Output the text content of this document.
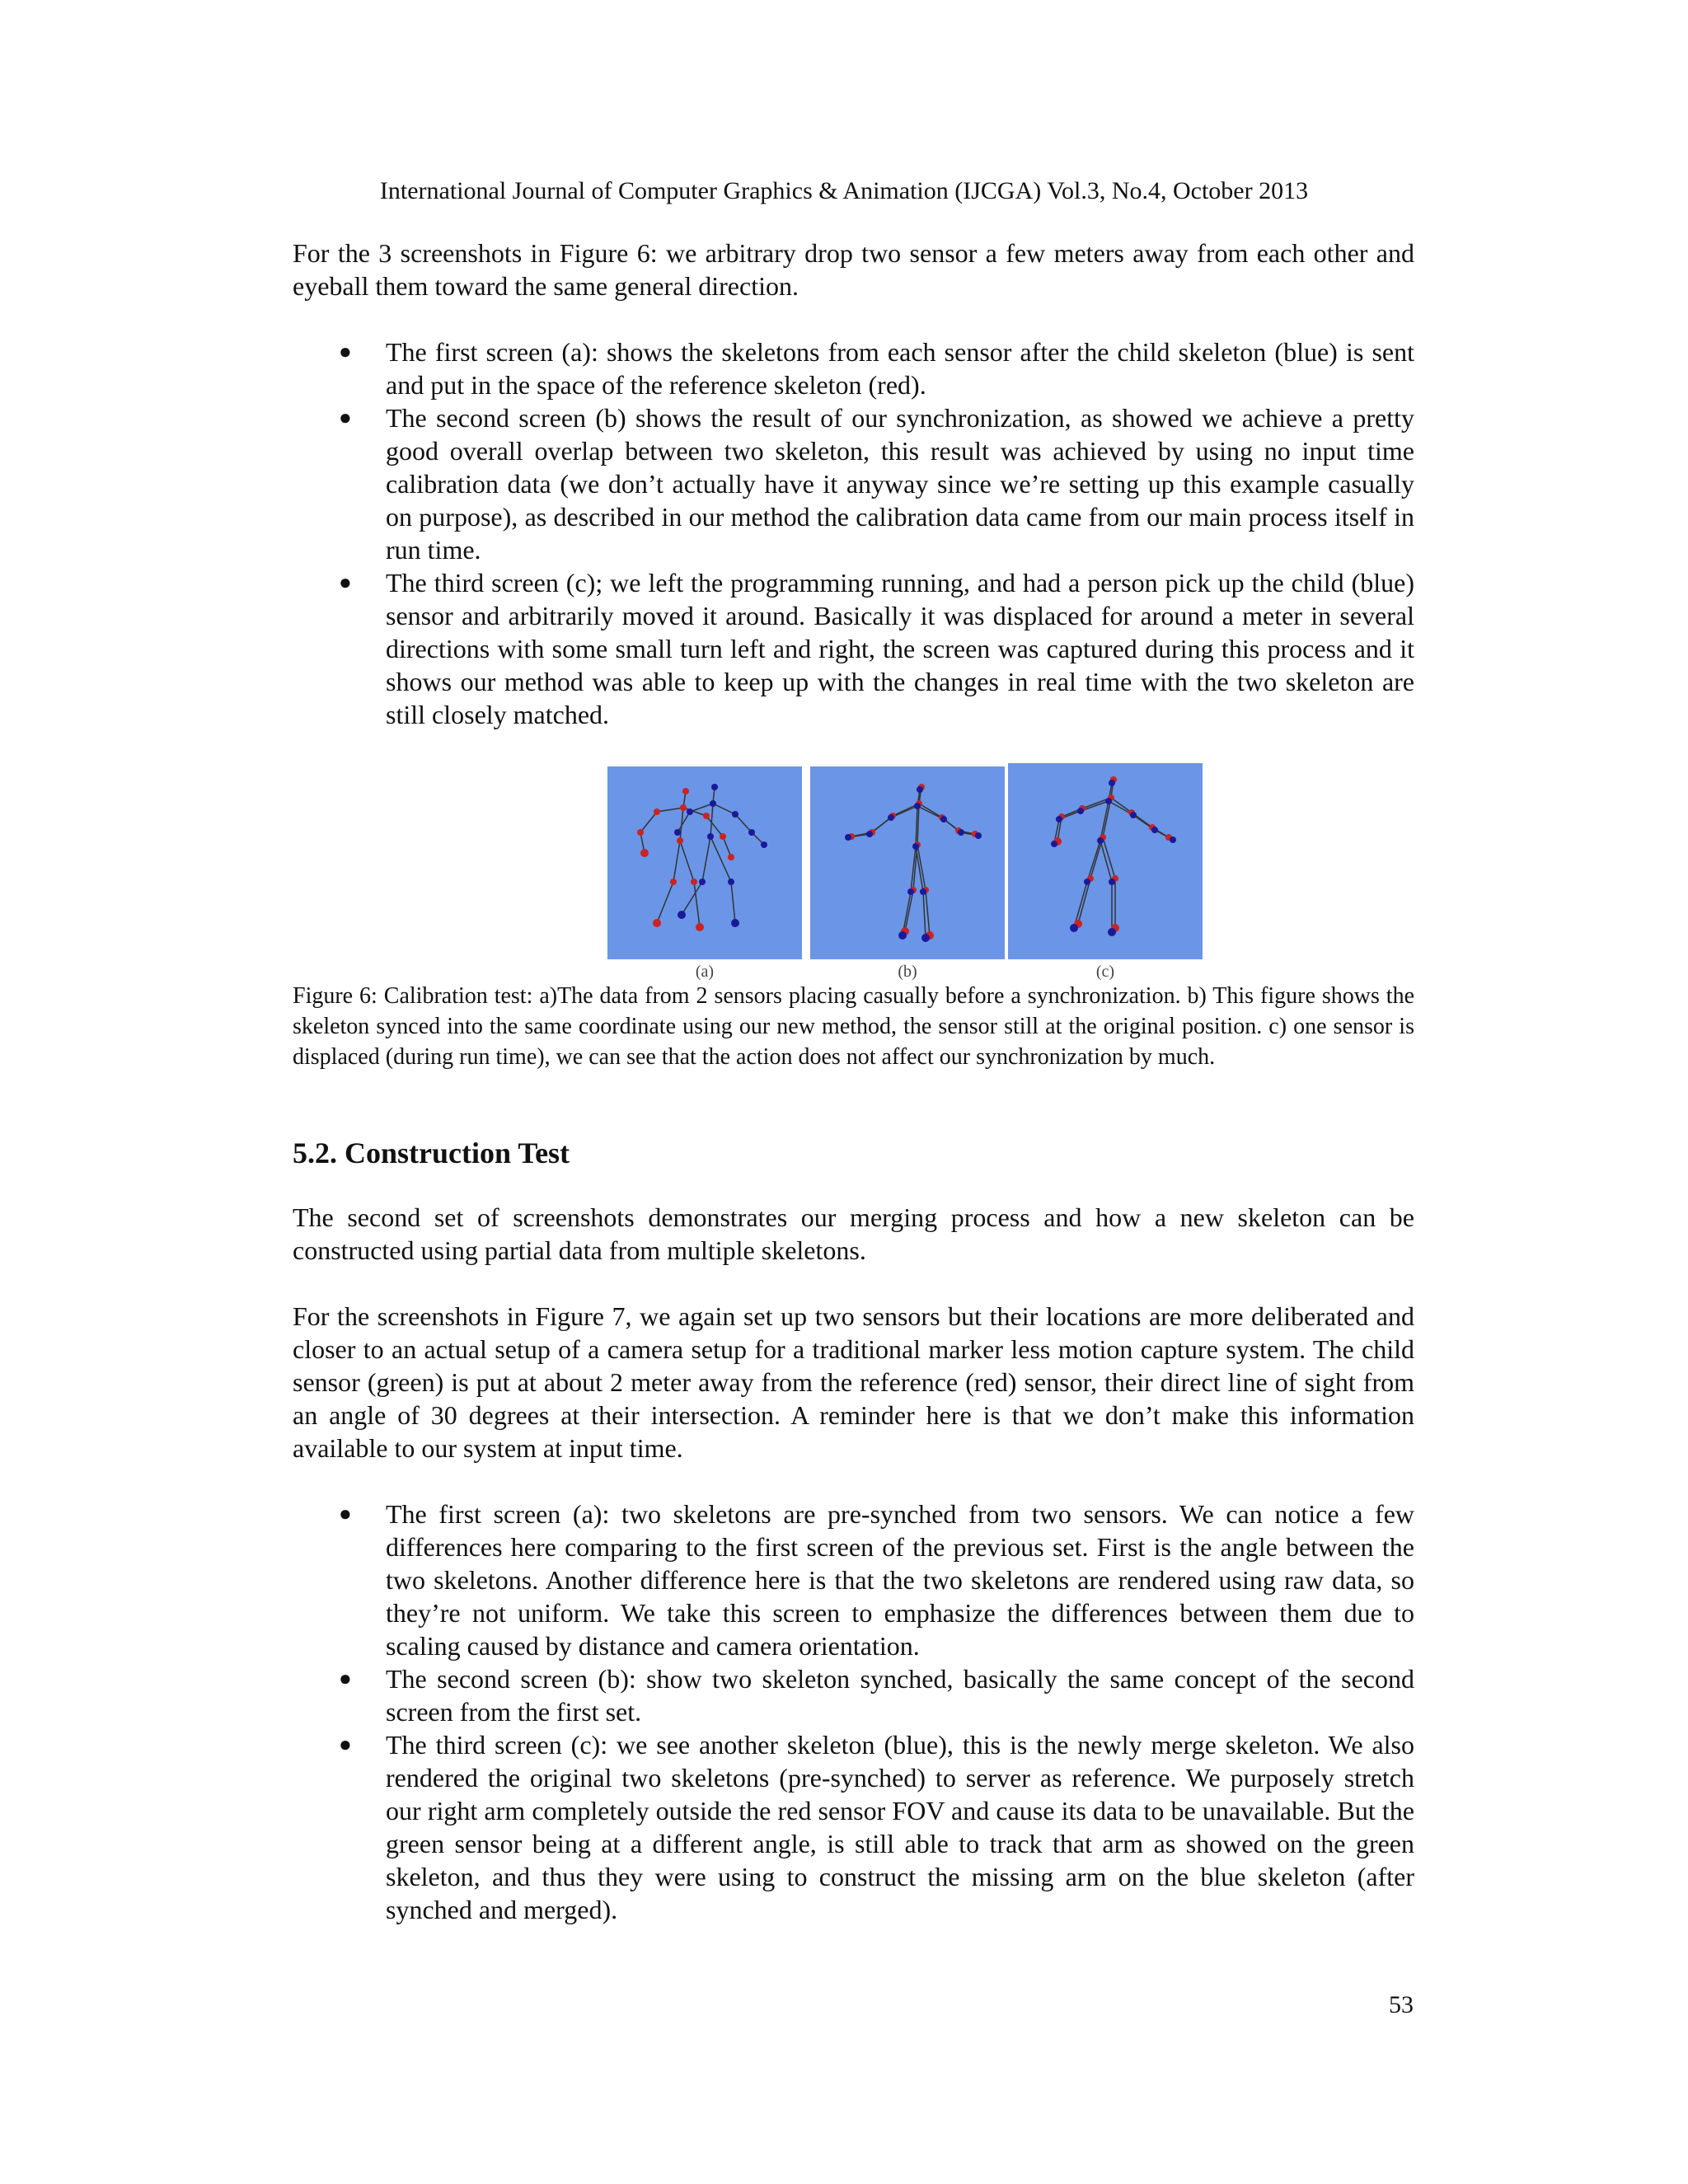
International Journal of Computer Graphics & Animation (IJCGA) Vol.3, No.4, October 2013

For the 3 screenshots in Figure 6: we arbitrary drop two sensor a few meters away from each other and eyeball them toward the same general direction.

● The first screen (a): shows the skeletons from each sensor after the child skeleton (blue) is sent and put in the space of the reference skeleton (red).
● The second screen (b) shows the result of our synchronization, as showed we achieve a pretty good overall overlap between two skeleton, this result was achieved by using no input time calibration data (we don’t actually have it anyway since we’re setting up this example casually on purpose), as described in our method the calibration data came from our main process itself in run time.
● The third screen (c); we left the programming running, and had a person pick up the child (blue) sensor and arbitrarily moved it around. Basically it was displaced for around a meter in several directions with some small turn left and right, the screen was captured during this process and it shows our method was able to keep up with the changes in real time with the two skeleton are still closely matched.
(a)	(b)	(c)
Figure 6: Calibration test: a)The data from 2 sensors placing casually before a synchronization. b) This figure shows the skeleton synced into the same coordinate using our new method, the sensor still at the original position. c) one sensor is displaced (during run time), we can see that the action does not affect our synchronization by much.
5.2. Construction Test

The second set of screenshots demonstrates our merging process and how a new skeleton can be constructed using partial data from multiple skeletons.

For the screenshots in Figure 7, we again set up two sensors but their locations are more deliberated and closer to an actual setup of a camera setup for a traditional marker less motion capture system. The child sensor (green) is put at about 2 meter away from the reference (red) sensor, their direct line of sight from an angle of 30 degrees at their intersection. A reminder here is that we don’t make this information available to our system at input time.

● The first screen (a): two skeletons are pre-synched from two sensors. We can notice a few differences here comparing to the first screen of the previous set. First is the angle between the two skeletons. Another difference here is that the two skeletons are rendered using raw data, so they’re not uniform. We take this screen to emphasize the differences between them due to scaling caused by distance and camera orientation.
● The second screen (b): show two skeleton synched, basically the same concept of the second screen from the first set.
● The third screen (c): we see another skeleton (blue), this is the newly merge skeleton. We also rendered the original two skeletons (pre-synched) to server as reference. We purposely stretch our right arm completely outside the red sensor FOV and cause its data to be unavailable. But the green sensor being at a different angle, is still able to track that arm as showed on the green skeleton, and thus they were using to construct the missing arm on the blue skeleton (after synched and merged).
53
